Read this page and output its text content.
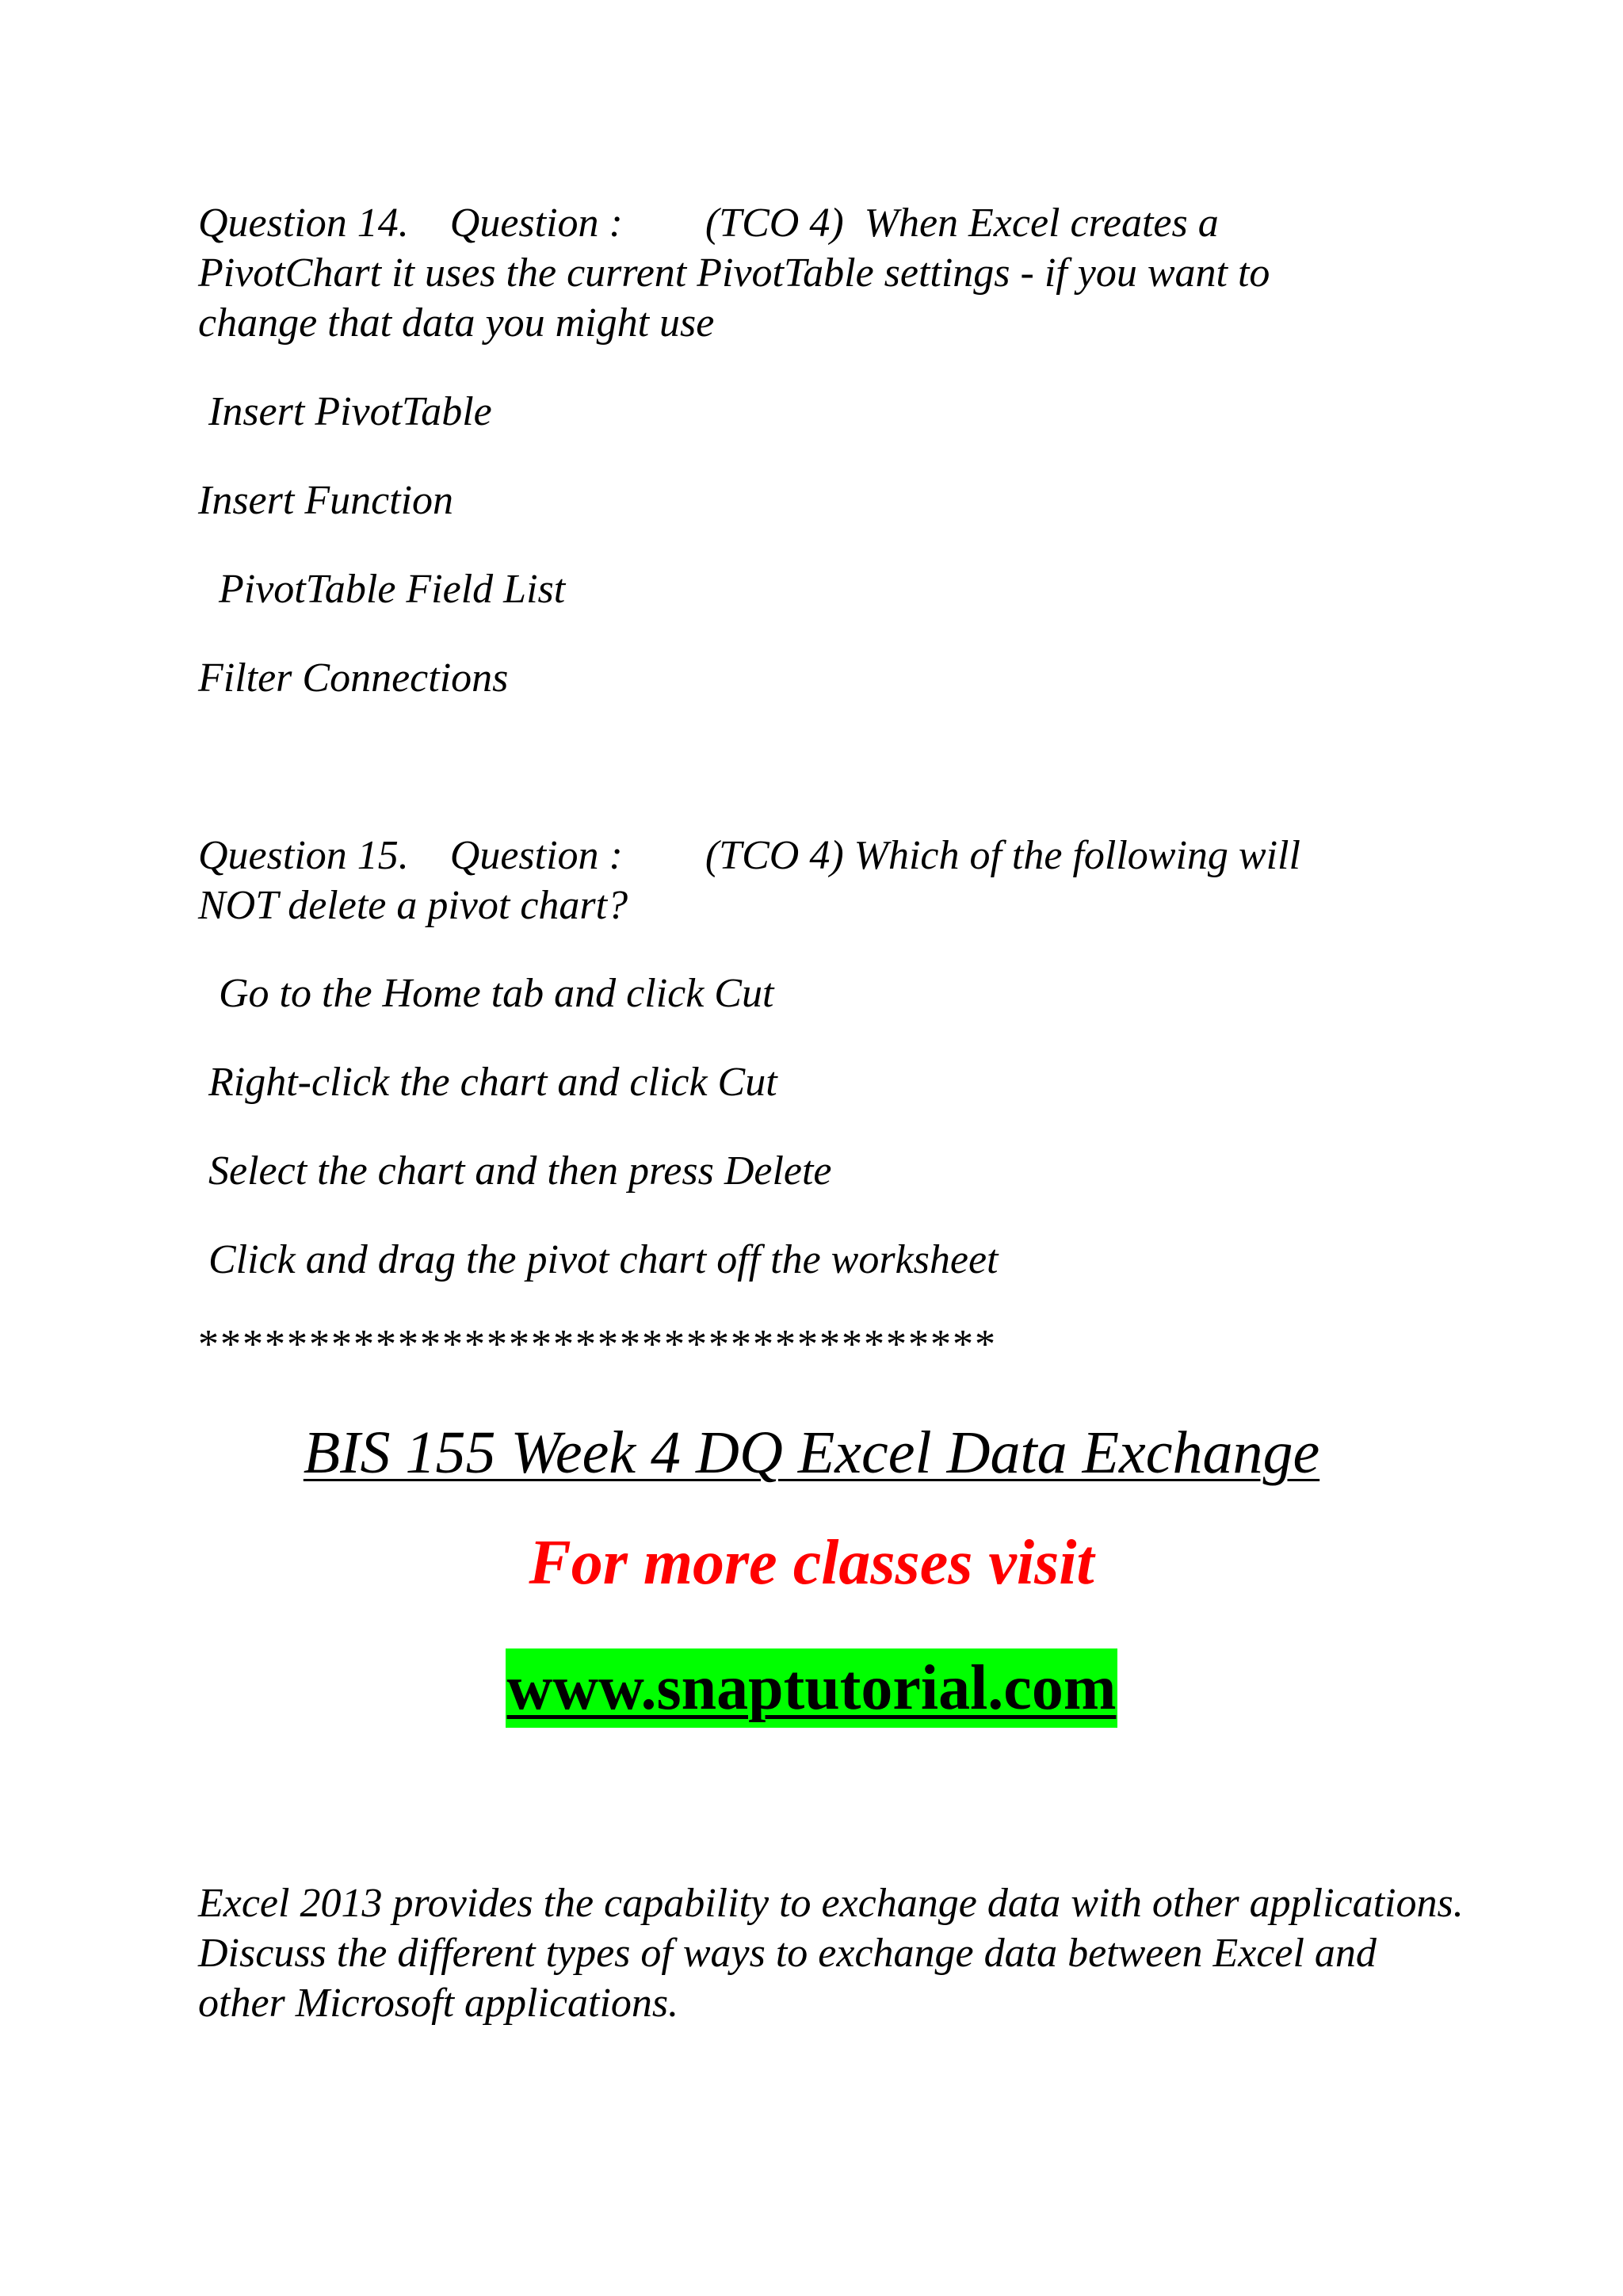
Question 14.    Question :        (TCO 4)  When Excel creates a
PivotChart it uses the current PivotTable settings - if you want to
change that data you might use
Insert PivotTable
Insert Function
PivotTable Field List
Filter Connections
Question 15.    Question :        (TCO 4) Which of the following will
NOT delete a pivot chart?
Go to the Home tab and click Cut
Right-click the chart and click Cut
Select the chart and then press Delete
Click and drag the pivot chart off the worksheet
************************************
BIS 155 Week 4 DQ Excel Data Exchange
For more classes visit
www.snaptutorial.com
Excel 2013 provides the capability to exchange data with other applications. Discuss the different types of ways to exchange data between Excel and other Microsoft applications.
